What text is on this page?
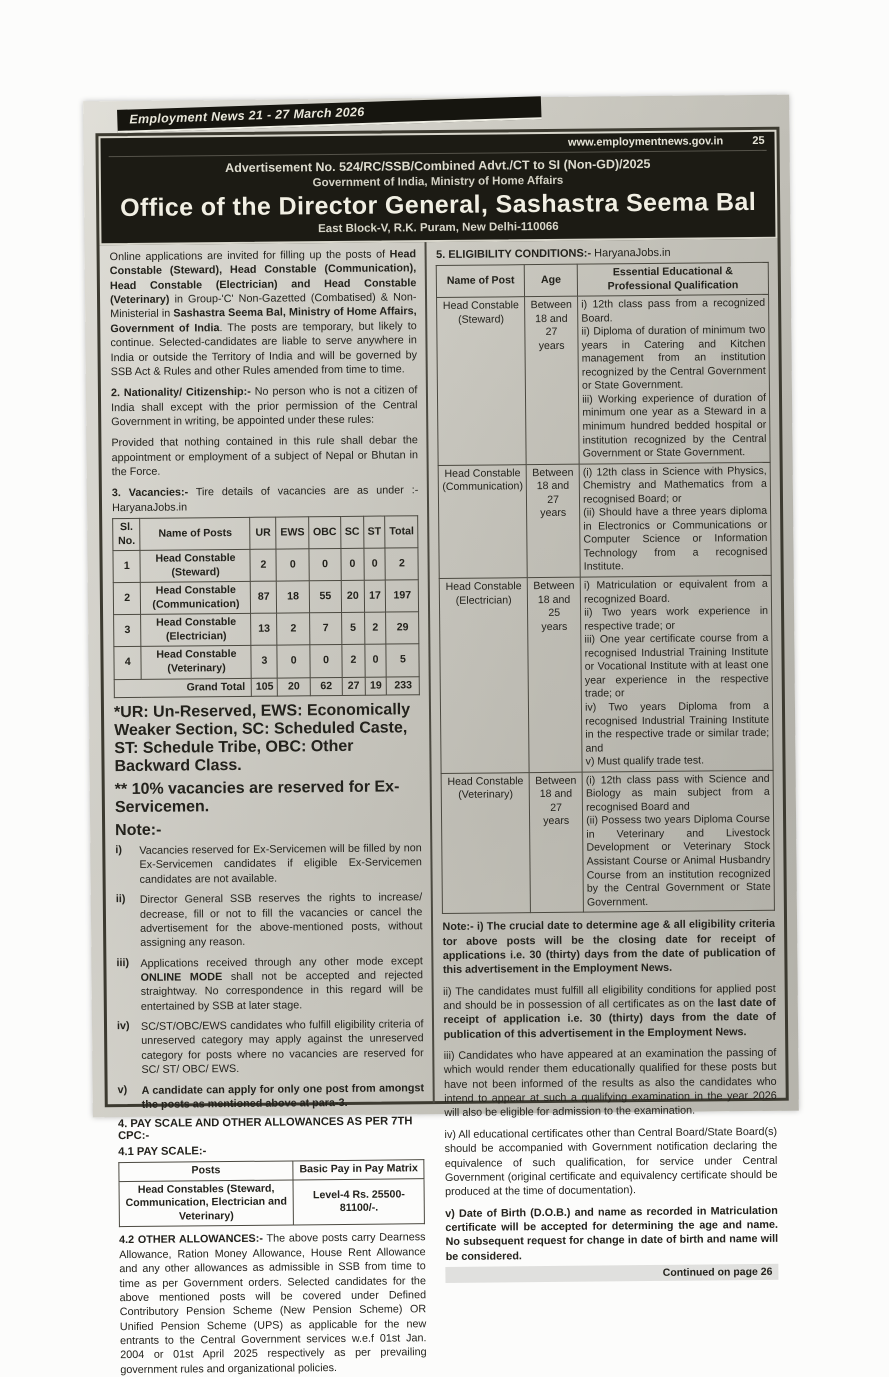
Employment News 21 - 27 March 2026
www.employmentnews.gov.in	25
Advertisement No. 524/RC/SSB/Combined Advt./CT to SI (Non-GD)/2025
Government of India, Ministry of Home Affairs
Office of the Director General, Sashastra Seema Bal
East Block-V, R.K. Puram, New Delhi-110066

Online applications are invited for filling up the posts of Head Constable (Steward), Head Constable (Communication), Head Constable (Electrician) and Head Constable (Veterinary) in Group-'C' Non-Gazetted (Combatised) & Non-Ministerial in Sashastra Seema Bal, Ministry of Home Affairs, Government of India. The posts are temporary, but likely to continue. Selected-candidates are liable to serve anywhere in India or outside the Territory of India and will be governed by SSB Act & Rules and other Rules amended from time to time.

2. Nationality/ Citizenship:- No person who is not a citizen of India shall except with the prior permission of the Central Government in writing, be appointed under these rules:

Provided that nothing contained in this rule shall debar the appointment or employment of a subject of Nepal or Bhutan in the Force.

3. Vacancies:- Tire details of vacancies are as under :- HaryanaJobs.in

Sl.
No.	Name of Posts	UR	EWS	OBC	SC	ST	Total
1	Head Constable
(Steward)	2	0	0	0	0	2
2	Head Constable
(Communication)	87	18	55	20	17	197
3	Head Constable
(Electrician)	13	2	7	5	2	29
4	Head Constable
(Veterinary)	3	0	0	2	0	5
Grand Total		105	20	62	27	19	233
*UR: Un-Reserved, EWS: Economically Weaker Section, SC: Scheduled Caste, ST: Schedule Tribe, OBC: Other Backward Class.
** 10% vacancies are reserved for Ex-Servicemen.
Note:-
i)	Vacancies reserved for Ex-Servicemen will be filled by non Ex-Servicemen candidates if eligible Ex-Servicemen candidates are not available.
ii)	Director General SSB reserves the rights to increase/ decrease, fill or not to fill the vacancies or cancel the advertisement for the above-mentioned posts, without assigning any reason.
iii)	Applications received through any other mode except ONLINE MODE shall not be accepted and rejected straightway. No correspondence in this regard will be entertained by SSB at later stage.
iv)	SC/ST/OBC/EWS candidates who fulfill eligibility criteria of unreserved category may apply against the unreserved category for posts where no vacancies are reserved for SC/ ST/ OBC/ EWS.
v)	A candidate can apply for only one post from amongst the posts as mentioned above at para-3.
4. PAY SCALE AND OTHER ALLOWANCES AS PER 7TH CPC:-
4.1 PAY SCALE:-
Posts	Basic Pay in Pay Matrix
Head Constables (Steward,
Communication, Electrician and
Veterinary)	Level-4 Rs. 25500-81100/-.

4.2 OTHER ALLOWANCES:- The above posts carry Dearness Allowance, Ration Money Allowance, House Rent Allowance and any other allowances as admissible in SSB from time to time as per Government orders. Selected candidates for the above mentioned posts will be covered under Defined Contributory Pension Scheme (New Pension Scheme) OR Unified Pension Scheme (UPS) as applicable for the new entrants to the Central Government services w.e.f 01st Jan. 2004 or 01st April 2025 respectively as per prevailing government rules and organizational policies.

5. ELIGIBILITY CONDITIONS:- HaryanaJobs.in
Name of Post	Age	Essential Educational &
Professional Qualification
Head Constable
(Steward)	Between
18 and 27
years	i) 12th class pass from a recognized Board.
ii) Diploma of duration of minimum two years in Catering and Kitchen management from an institution recognized by the Central Government or State Government.
iii) Working experience of duration of minimum one year as a Steward in a minimum hundred bedded hospital or institution recognized by the Central Government or State Government.
Head Constable
(Communication)	Between
18 and 27
years	(i) 12th class in Science with Physics, Chemistry and Mathematics from a recognised Board; or
(ii) Should have a three years diploma in Electronics or Communications or Computer Science or Information Technology from a recognised Institute.
Head Constable
(Electrician)	Between
18 and 25
years	i) Matriculation or equivalent from a recognized Board.
ii) Two years work experience in respective trade; or
iii) One year certificate course from a recognised Industrial Training Institute or Vocational Institute with at least one year experience in the respective trade; or
iv) Two years Diploma from a recognised Industrial Training Institute in the respective trade or similar trade; and
v) Must qualify trade test.
Head Constable
(Veterinary)	Between
18 and 27
years	(i) 12th class pass with Science and Biology as main subject from a recognised Board and
(ii) Possess two years Diploma Course in Veterinary and Livestock Development or Veterinary Stock Assistant Course or Animal Husbandry Course from an institution recognized by the Central Government or State Government.

Note:- i) The crucial date to determine age & all eligibility criteria tor above posts will be the closing date for receipt of applications i.e. 30 (thirty) days from the date of publication of this advertisement in the Employment News.

ii) The candidates must fulfill all eligibility conditions for applied post and should be in possession of all certificates as on the last date of receipt of application i.e. 30 (thirty) days from the date of publication of this advertisement in the Employment News.

iii) Candidates who have appeared at an examination the passing of which would render them educationally qualified for these posts but have not been informed of the results as also the candidates who intend to appear at such a qualifying examination in the year 2026 will also be eligible for admission to the examination.

iv) All educational certificates other than Central Board/State Board(s) should be accompanied with Government notification declaring the equivalence of such qualification, for service under Central Government (original certificate and equivalency certificate should be produced at the time of documentation).

v) Date of Birth (D.O.B.) and name as recorded in Matriculation certificate will be accepted for determining the age and name. No subsequent request for change in date of birth and name will be considered.

Continued on page 26
